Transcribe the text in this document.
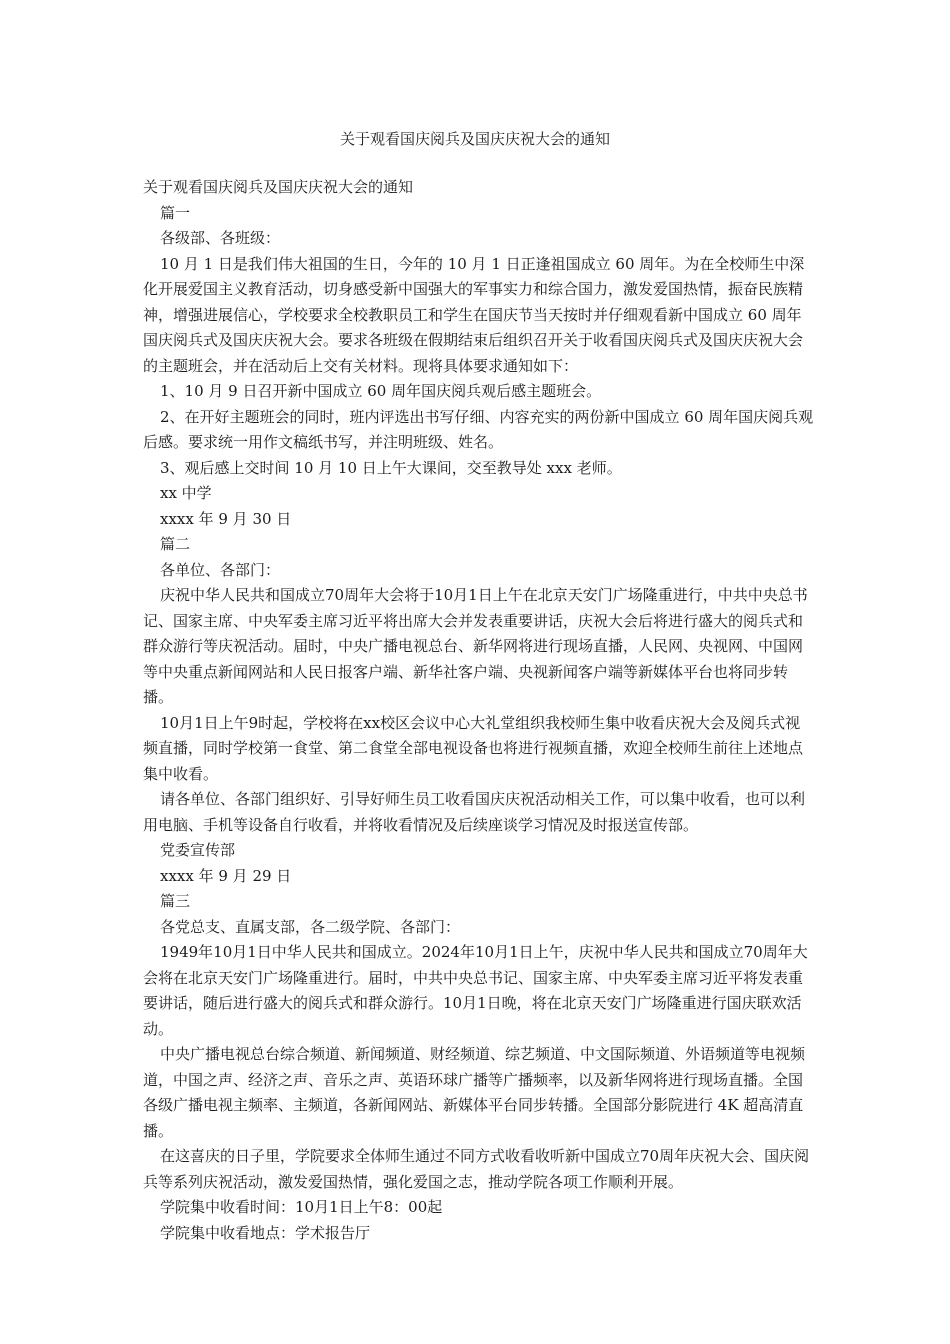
关于观看国庆阅兵及国庆庆祝大会的通知

关于观看国庆阅兵及国庆庆祝大会的通知

篇一

各级部、各班级：

10 月 1 日是我们伟大祖国的生日，今年的 10 月 1 日正逢祖国成立 60 周年。为在全校师生中深化开展爱国主义教育活动，切身感受新中国强大的军事实力和综合国力，激发爱国热情，振奋民族精神，增强进展信心，学校要求全校教职员工和学生在国庆节当天按时并仔细观看新中国成立 60 周年国庆阅兵式及国庆庆祝大会。要求各班级在假期结束后组织召开关于收看国庆阅兵式及国庆庆祝大会的主题班会，并在活动后上交有关材料。现将具体要求通知如下：

1、10 月 9 日召开新中国成立 60 周年国庆阅兵观后感主题班会。

2、在开好主题班会的同时，班内评选出书写仔细、内容充实的两份新中国成立 60 周年国庆阅兵观后感。要求统一用作文稿纸书写，并注明班级、姓名。

3、观后感上交时间 10 月 10 日上午大课间，交至教导处 xxx 老师。

xx 中学

xxxx 年 9 月 30 日

篇二

各单位、各部门：

庆祝中华人民共和国成立70周年大会将于10月1日上午在北京天安门广场隆重进行，中共中央总书记、国家主席、中央军委主席习近平将出席大会并发表重要讲话，庆祝大会后将进行盛大的阅兵式和群众游行等庆祝活动。届时，中央广播电视总台、新华网将进行现场直播，人民网、央视网、中国网等中央重点新闻网站和人民日报客户端、新华社客户端、央视新闻客户端等新媒体平台也将同步转播。

10月1日上午9时起，学校将在xx校区会议中心大礼堂组织我校师生集中收看庆祝大会及阅兵式视频直播，同时学校第一食堂、第二食堂全部电视设备也将进行视频直播，欢迎全校师生前往上述地点集中收看。

请各单位、各部门组织好、引导好师生员工收看国庆庆祝活动相关工作，可以集中收看，也可以利用电脑、手机等设备自行收看，并将收看情况及后续座谈学习情况及时报送宣传部。

党委宣传部

xxxx 年 9 月 29 日

篇三

各党总支、直属支部，各二级学院、各部门：

1949年10月1日中华人民共和国成立。2024年10月1日上午，庆祝中华人民共和国成立70周年大会将在北京天安门广场隆重进行。届时，中共中央总书记、国家主席、中央军委主席习近平将发表重要讲话，随后进行盛大的阅兵式和群众游行。10月1日晚，将在北京天安门广场隆重进行国庆联欢活动。

中央广播电视总台综合频道、新闻频道、财经频道、综艺频道、中文国际频道、外语频道等电视频道，中国之声、经济之声、音乐之声、英语环球广播等广播频率，以及新华网将进行现场直播。全国各级广播电视主频率、主频道，各新闻网站、新媒体平台同步转播。全国部分影院进行 4K 超高清直播。

在这喜庆的日子里，学院要求全体师生通过不同方式收看收听新中国成立70周年庆祝大会、国庆阅兵等系列庆祝活动，激发爱国热情，强化爱国之志，推动学院各项工作顺利开展。

学院集中收看时间：10月1日上午8：00起

学院集中收看地点：学术报告厅
